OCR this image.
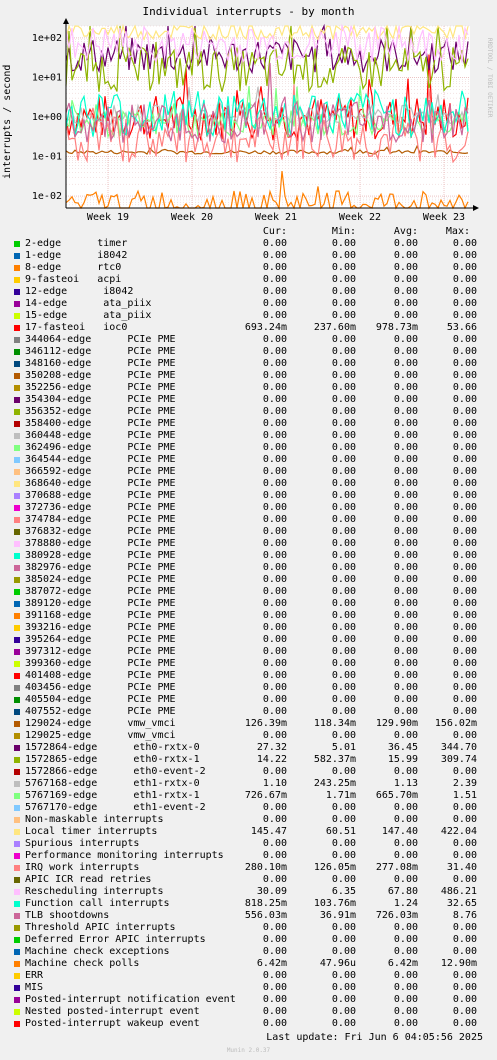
Individual interrupts - by month
interrupts / second	RRDTOOL / TOBI OETIKER
1e-02
1e-01
1e+00
1e+01
1e+02
Week 19	Week 20	Week 21	Week 22	Week 23
Cur:	Min:	Avg:	Max:
2-edge      timer	0.00	0.00	0.00	0.00
1-edge      i8042	0.00	0.00	0.00	0.00
8-edge      rtc0	0.00	0.00	0.00	0.00
9-fasteoi   acpi	0.00	0.00	0.00	0.00
12-edge      i8042	0.00	0.00	0.00	0.00
14-edge      ata_piix	0.00	0.00	0.00	0.00
15-edge      ata_piix	0.00	0.00	0.00	0.00
17-fasteoi   ioc0	693.24m	237.60m	978.73m	53.66
344064-edge      PCIe PME	0.00	0.00	0.00	0.00
346112-edge      PCIe PME	0.00	0.00	0.00	0.00
348160-edge      PCIe PME	0.00	0.00	0.00	0.00
350208-edge      PCIe PME	0.00	0.00	0.00	0.00
352256-edge      PCIe PME	0.00	0.00	0.00	0.00
354304-edge      PCIe PME	0.00	0.00	0.00	0.00
356352-edge      PCIe PME	0.00	0.00	0.00	0.00
358400-edge      PCIe PME	0.00	0.00	0.00	0.00
360448-edge      PCIe PME	0.00	0.00	0.00	0.00
362496-edge      PCIe PME	0.00	0.00	0.00	0.00
364544-edge      PCIe PME	0.00	0.00	0.00	0.00
366592-edge      PCIe PME	0.00	0.00	0.00	0.00
368640-edge      PCIe PME	0.00	0.00	0.00	0.00
370688-edge      PCIe PME	0.00	0.00	0.00	0.00
372736-edge      PCIe PME	0.00	0.00	0.00	0.00
374784-edge      PCIe PME	0.00	0.00	0.00	0.00
376832-edge      PCIe PME	0.00	0.00	0.00	0.00
378880-edge      PCIe PME	0.00	0.00	0.00	0.00
380928-edge      PCIe PME	0.00	0.00	0.00	0.00
382976-edge      PCIe PME	0.00	0.00	0.00	0.00
385024-edge      PCIe PME	0.00	0.00	0.00	0.00
387072-edge      PCIe PME	0.00	0.00	0.00	0.00
389120-edge      PCIe PME	0.00	0.00	0.00	0.00
391168-edge      PCIe PME	0.00	0.00	0.00	0.00
393216-edge      PCIe PME	0.00	0.00	0.00	0.00
395264-edge      PCIe PME	0.00	0.00	0.00	0.00
397312-edge      PCIe PME	0.00	0.00	0.00	0.00
399360-edge      PCIe PME	0.00	0.00	0.00	0.00
401408-edge      PCIe PME	0.00	0.00	0.00	0.00
403456-edge      PCIe PME	0.00	0.00	0.00	0.00
405504-edge      PCIe PME	0.00	0.00	0.00	0.00
407552-edge      PCIe PME	0.00	0.00	0.00	0.00
129024-edge      vmw_vmci	126.39m	118.34m	129.90m	156.02m
129025-edge      vmw_vmci	0.00	0.00	0.00	0.00
1572864-edge      eth0-rxtx-0	27.32	5.01	36.45	344.70
1572865-edge      eth0-rxtx-1	14.22	582.37m	15.99	309.74
1572866-edge      eth0-event-2	0.00	0.00	0.00	0.00
5767168-edge      eth1-rxtx-0	1.10	243.25m	1.13	2.39
5767169-edge      eth1-rxtx-1	726.67m	1.71m	665.70m	1.51
5767170-edge      eth1-event-2	0.00	0.00	0.00	0.00
Non-maskable interrupts	0.00	0.00	0.00	0.00
Local timer interrupts	145.47	60.51	147.40	422.04
Spurious interrupts	0.00	0.00	0.00	0.00
Performance monitoring interrupts	0.00	0.00	0.00	0.00
IRQ work interrupts	280.10m	126.05m	277.08m	31.40
APIC ICR read retries	0.00	0.00	0.00	0.00
Rescheduling interrupts	30.09	6.35	67.80	486.21
Function call interrupts	818.25m	103.76m	1.24	32.65
TLB shootdowns	556.03m	36.91m	726.03m	8.76
Threshold APIC interrupts	0.00	0.00	0.00	0.00
Deferred Error APIC interrupts	0.00	0.00	0.00	0.00
Machine check exceptions	0.00	0.00	0.00	0.00
Machine check polls	6.42m	47.96u	6.42m	12.90m
ERR	0.00	0.00	0.00	0.00
MIS	0.00	0.00	0.00	0.00
Posted-interrupt notification event	0.00	0.00	0.00	0.00
Nested posted-interrupt event	0.00	0.00	0.00	0.00
Posted-interrupt wakeup event	0.00	0.00	0.00	0.00
Last update: Fri Jun 6 04:05:56 2025
Munin 2.0.37
